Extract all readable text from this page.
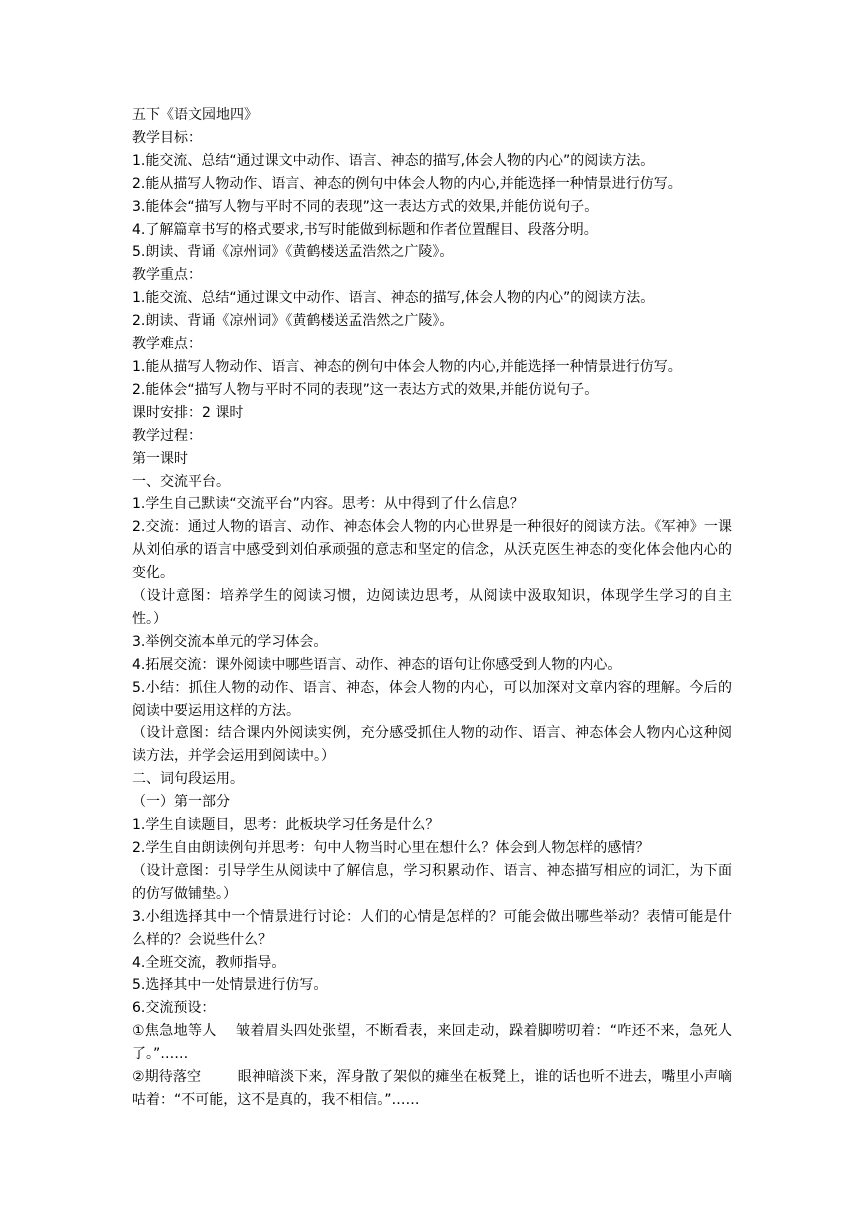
五下《语文园地四》

教学目标：

1.能交流、总结“通过课文中动作、语言、神态的描写,体会人物的内心”的阅读方法。

2.能从描写人物动作、语言、神态的例句中体会人物的内心,并能选择一种情景进行仿写。

3.能体会“描写人物与平时不同的表现”这一表达方式的效果,并能仿说句子。

4.了解篇章书写的格式要求,书写时能做到标题和作者位置醒目、段落分明。

5.朗读、背诵《凉州词》《黄鹤楼送孟浩然之广陵》。

教学重点：

1.能交流、总结“通过课文中动作、语言、神态的描写,体会人物的内心”的阅读方法。

2.朗读、背诵《凉州词》《黄鹤楼送孟浩然之广陵》。

教学难点：

1.能从描写人物动作、语言、神态的例句中体会人物的内心,并能选择一种情景进行仿写。

2.能体会“描写人物与平时不同的表现”这一表达方式的效果,并能仿说句子。

课时安排：2 课时

教学过程：

第一课时

一、交流平台。

1.学生自己默读“交流平台”内容。思考：从中得到了什么信息？

2.交流：通过人物的语言、动作、神态体会人物的内心世界是一种很好的阅读方法。《军神》一课从刘伯承的语言中感受到刘伯承顽强的意志和坚定的信念，从沃克医生神态的变化体会他内心的变化。

（设计意图：培养学生的阅读习惯，边阅读边思考，从阅读中汲取知识，体现学生学习的自主性。）

3.举例交流本单元的学习体会。

4.拓展交流：课外阅读中哪些语言、动作、神态的语句让你感受到人物的内心。

5.小结：抓住人物的动作、语言、神态，体会人物的内心，可以加深对文章内容的理解。今后的阅读中要运用这样的方法。

（设计意图：结合课内外阅读实例，充分感受抓住人物的动作、语言、神态体会人物内心这种阅读方法，并学会运用到阅读中。）

二、词句段运用。

（一）第一部分

1.学生自读题目，思考：此板块学习任务是什么？

2.学生自由朗读例句并思考：句中人物当时心里在想什么？体会到人物怎样的感情？

（设计意图：引导学生从阅读中了解信息，学习积累动作、语言、神态描写相应的词汇，为下面的仿写做铺垫。）

3.小组选择其中一个情景进行讨论：人们的心情是怎样的？可能会做出哪些举动？表情可能是什么样的？会说些什么？

4.全班交流，教师指导。

5.选择其中一处情景进行仿写。

6.交流预设：

①焦急地等人    皱着眉头四处张望，不断看表，来回走动，跺着脚唠叨着：“咋还不来，急死人了。”……

②期待落空        眼神暗淡下来，浑身散了架似的瘫坐在板凳上，谁的话也听不进去，嘴里小声嘀咕着：“不可能，这不是真的，我不相信。”……
